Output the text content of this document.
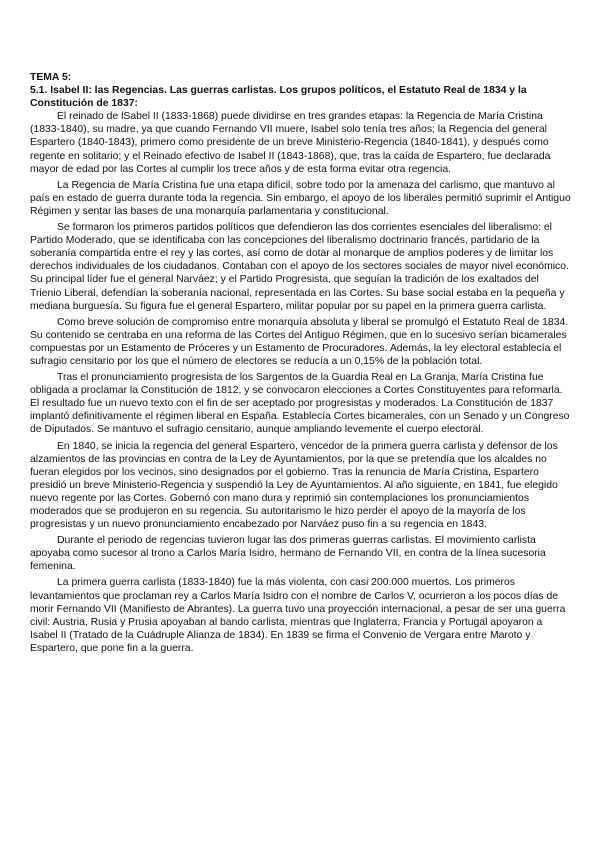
TEMA 5:

5.1. Isabel II: las Regencias. Las guerras carlistas. Los grupos políticos, el Estatuto Real de 1834 y la Constitución de 1837:

El reinado de lSabel II (1833-1868) puede dividirse en tres grandes etapas: la Regencia de María Cristina (1833-1840), su madre, ya que cuando Fernando VII muere, Isabel solo tenía tres años; la Regencia del general Espartero (1840-1843), primero como presidente de un breve Ministerio-Regencia (1840-1841), y después como regente en solitario; y el Reinado efectivo de Isabel II (1843-1868), que, tras la caída de Espartero, fue declarada mayor de edad por las Cortes al cumplir los trece años y de esta forma evitar otra regencia.

La Regencia de María Cristina fue una etapa difícil, sobre todo por la amenaza del carlismo, que mantuvo al país en estado de guerra durante toda la regencia. Sin embargo, el apoyo de los liberales permitió suprimir el Antiguo Régimen y sentar las bases de una monarquía parlamentaria y constitucional.

Se formaron los primeros partidos políticos que defendieron las dos corrientes esenciales del liberalismo: el Partido Moderado, que se identificaba con las concepciones del liberalismo doctrinario francés, partidario de la soberanía compartida entre el rey y las cortes, así como de dotar al monarque de amplios poderes y de limitar los derechos individuales de los ciudadanos. Contaban con el apoyo de los sectores sociales de mayor nivel económico. Su principal líder fue el general Narváez; y el Partido Progresista, que seguían la tradición de los exaltados del Trienio Liberal, defendían la soberanía nacional, representada en las Cortes. Su base social estaba en la pequeña y mediana burguesía. Su figura fue el general Espartero, militar popular por su papel en la primera guerra carlista.

Como breve solución de compromiso entre monarquía absoluta y liberal se promulgó el Estatuto Real de 1834. Su contenido se centraba en una reforma de las Cortes del Antiguo Régimen, que en lo sucesivo serían bicamerales compuestas por un Estamento de Próceres y un Estamento de Procuradores. Además, la ley electoral establecía el sufragio censitario por los que el número de electores se reducía a un 0,15% de la población total.

Tras el pronunciamiento progresista de los Sargentos de la Guardia Real en La Granja, María Cristina fue obligada a proclamar la Constitución de 1812, y se convocaron elecciones a Cortes Constituyentes para reformarla. El resultado fue un nuevo texto con el fin de ser aceptado por progresistas y moderados. La Constitución de 1837 implantó definitivamente el régimen liberal en España. Establecía Cortes bicamerales, con un Senado y un Congreso de Diputados. Se mantuvo el sufragio censitario, aunque ampliando levemente el cuerpo electoral.

En 1840, se inicia la regencia del general Espartero, vencedor de la primera guerra carlista y defensor de los alzamientos de las provincias en contra de la Ley de Ayuntamientos, por la que se pretendía que los alcaldes no fueran elegidos por los vecinos, sino designados por el gobierno. Tras la renuncia de María Cristina, Espartero presidió un breve Ministerio-Regencia y suspendió la Ley de Ayuntamientos. Al año siguiente, en 1841, fue elegido nuevo regente por las Cortes. Gobernó con mano dura y reprimió sin contemplaciones los pronunciamientos moderados que se produjeron en su regencia. Su autoritarismo le hizo perder el apoyo de la mayoría de los progresistas y un nuevo pronunciamiento encabezado por Narváez puso fin a su regencia en 1843.

Durante el periodo de regencias tuvieron lugar las dos primeras guerras carlistas. El movimiento carlista apoyaba como sucesor al trono a Carlos María Isidro, hermano de Fernando VII, en contra de la línea sucesoria femenina.

La primera guerra carlista (1833-1840) fue la más violenta, con casi 200.000 muertos. Los primeros levantamientos que proclaman rey a Carlos María Isidro con el nombre de Carlos V, ocurrieron a los pocos días de morir Fernando VII (Manifiesto de Abrantes). La guerra tuvo una proyección internacional, a pesar de ser una guerra civil: Austria, Rusia y Prusia apoyaban al bando carlista, mientras que Inglaterra, Francia y Portugal apoyaron a Isabel II (Tratado de la Cuádruple Alianza de 1834). En 1839 se firma el Convenio de Vergara entre Maroto y Espartero, que pone fin a la guerra.
